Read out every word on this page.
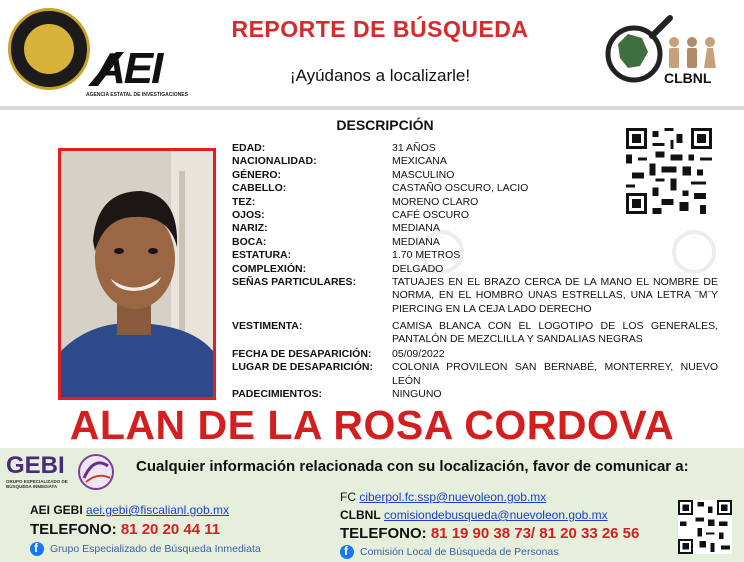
AEI
AGENCIA ESTATAL DE INVESTIGACIONES
REPORTE DE BÚSQUEDA
¡Ayúdanos a localizarle!	CLBNL
DESCRIPCIÓN
EDAD:	31 AÑOS
NACIONALIDAD:	MEXICANA
GÉNERO:	MASCULINO
CABELLO:	CASTAÑO OSCURO, LACIO
TEZ:	MORENO CLARO
OJOS:	CAFÉ OSCURO
NARIZ:	MEDIANA
BOCA:	MEDIANA
ESTATURA:	1.70 METROS
COMPLEXIÓN:	DELGADO
SEÑAS PARTICULARES:	TATUAJES EN EL BRAZO CERCA DE LA MANO EL NOMBRE DE NORMA, EN EL HOMBRO UNAS ESTRELLAS, UNA LETRA ¨M¨Y PIERCING EN LA CEJA LADO DERECHO
VESTIMENTA:	CAMISA BLANCA CON EL LOGOTIPO DE LOS GENERALES, PANTALÓN DE MEZCLILLA Y SANDALIAS NEGRAS
FECHA DE DESAPARICIÓN:	05/09/2022
LUGAR DE DESAPARICIÓN:	COLONIA PROVILEON SAN BERNABÉ, MONTERREY, NUEVO LEÓN
PADECIMIENTOS:	NINGUNO
ALAN DE LA ROSA CORDOVA
GEBI
GRUPO ESPECIALIZADO DE BÚSQUEDA INMEDIATA
Cualquier información relacionada con su localización, favor de comunicar a:
AEI GEBI aei.gebi@fiscalianl.gob.mx
TELEFONO: 81 20 20 44 11
f Grupo Especializado de Búsqueda Inmediata
FC ciberpol.fc.ssp@nuevoleon.gob.mx
CLBNL comisiondebusqueda@nuevoleon.gob.mx
TELEFONO: 81 19 90 38 73/ 81 20 33 26 56
f Comisión Local de Búsqueda de Personas
